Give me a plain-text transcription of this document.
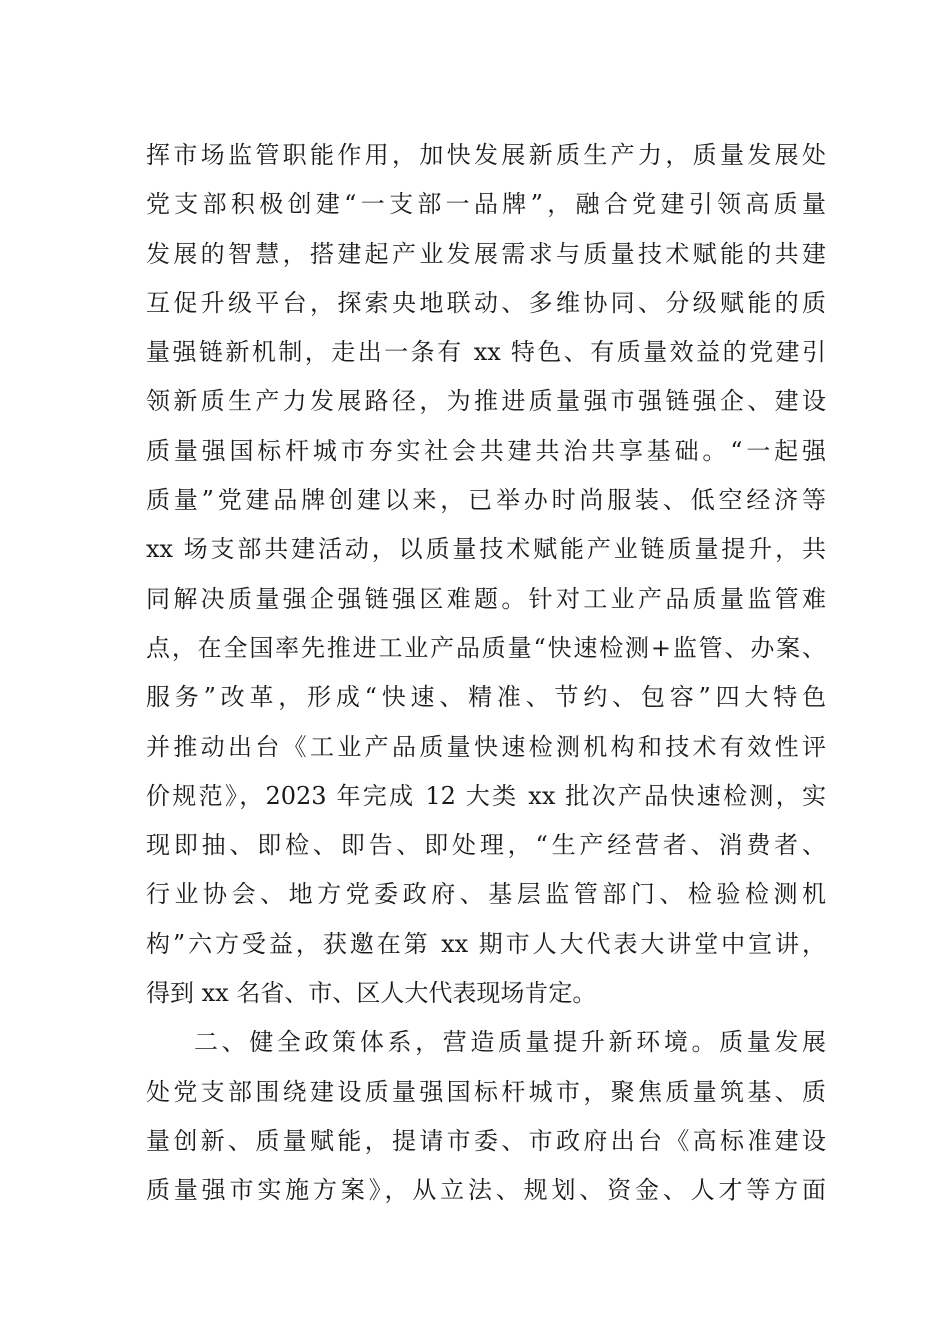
挥市场监管职能作用，加快发展新质生产力，质量发展处
党支部积极创建“一支部一品牌”，融合党建引领高质量
发展的智慧，搭建起产业发展需求与质量技术赋能的共建
互促升级平台，探索央地联动、多维协同、分级赋能的质
量强链新机制，走出一条有 xx 特色、有质量效益的党建引
领新质生产力发展路径，为推进质量强市强链强企、建设
质量强国标杆城市夯实社会共建共治共享基础。“一起强
质量”党建品牌创建以来，已举办时尚服装、低空经济等
xx 场支部共建活动，以质量技术赋能产业链质量提升，共
同解决质量强企强链强区难题。针对工业产品质量监管难
点，在全国率先推进工业产品质量“快速检测+监管、办案、
服务”改革，形成“快速、精准、节约、包容”四大特色
并推动出台《工业产品质量快速检测机构和技术有效性评
价规范》，2023 年完成 12 大类 xx 批次产品快速检测，实
现即抽、即检、即告、即处理，“生产经营者、消费者、
行业协会、地方党委政府、基层监管部门、检验检测机
构”六方受益，获邀在第 xx 期市人大代表大讲堂中宣讲，
得到 xx 名省、市、区人大代表现场肯定。
二、健全政策体系，营造质量提升新环境。质量发展
处党支部围绕建设质量强国标杆城市，聚焦质量筑基、质
量创新、质量赋能，提请市委、市政府出台《高标准建设
质量强市实施方案》，从立法、规划、资金、人才等方面
